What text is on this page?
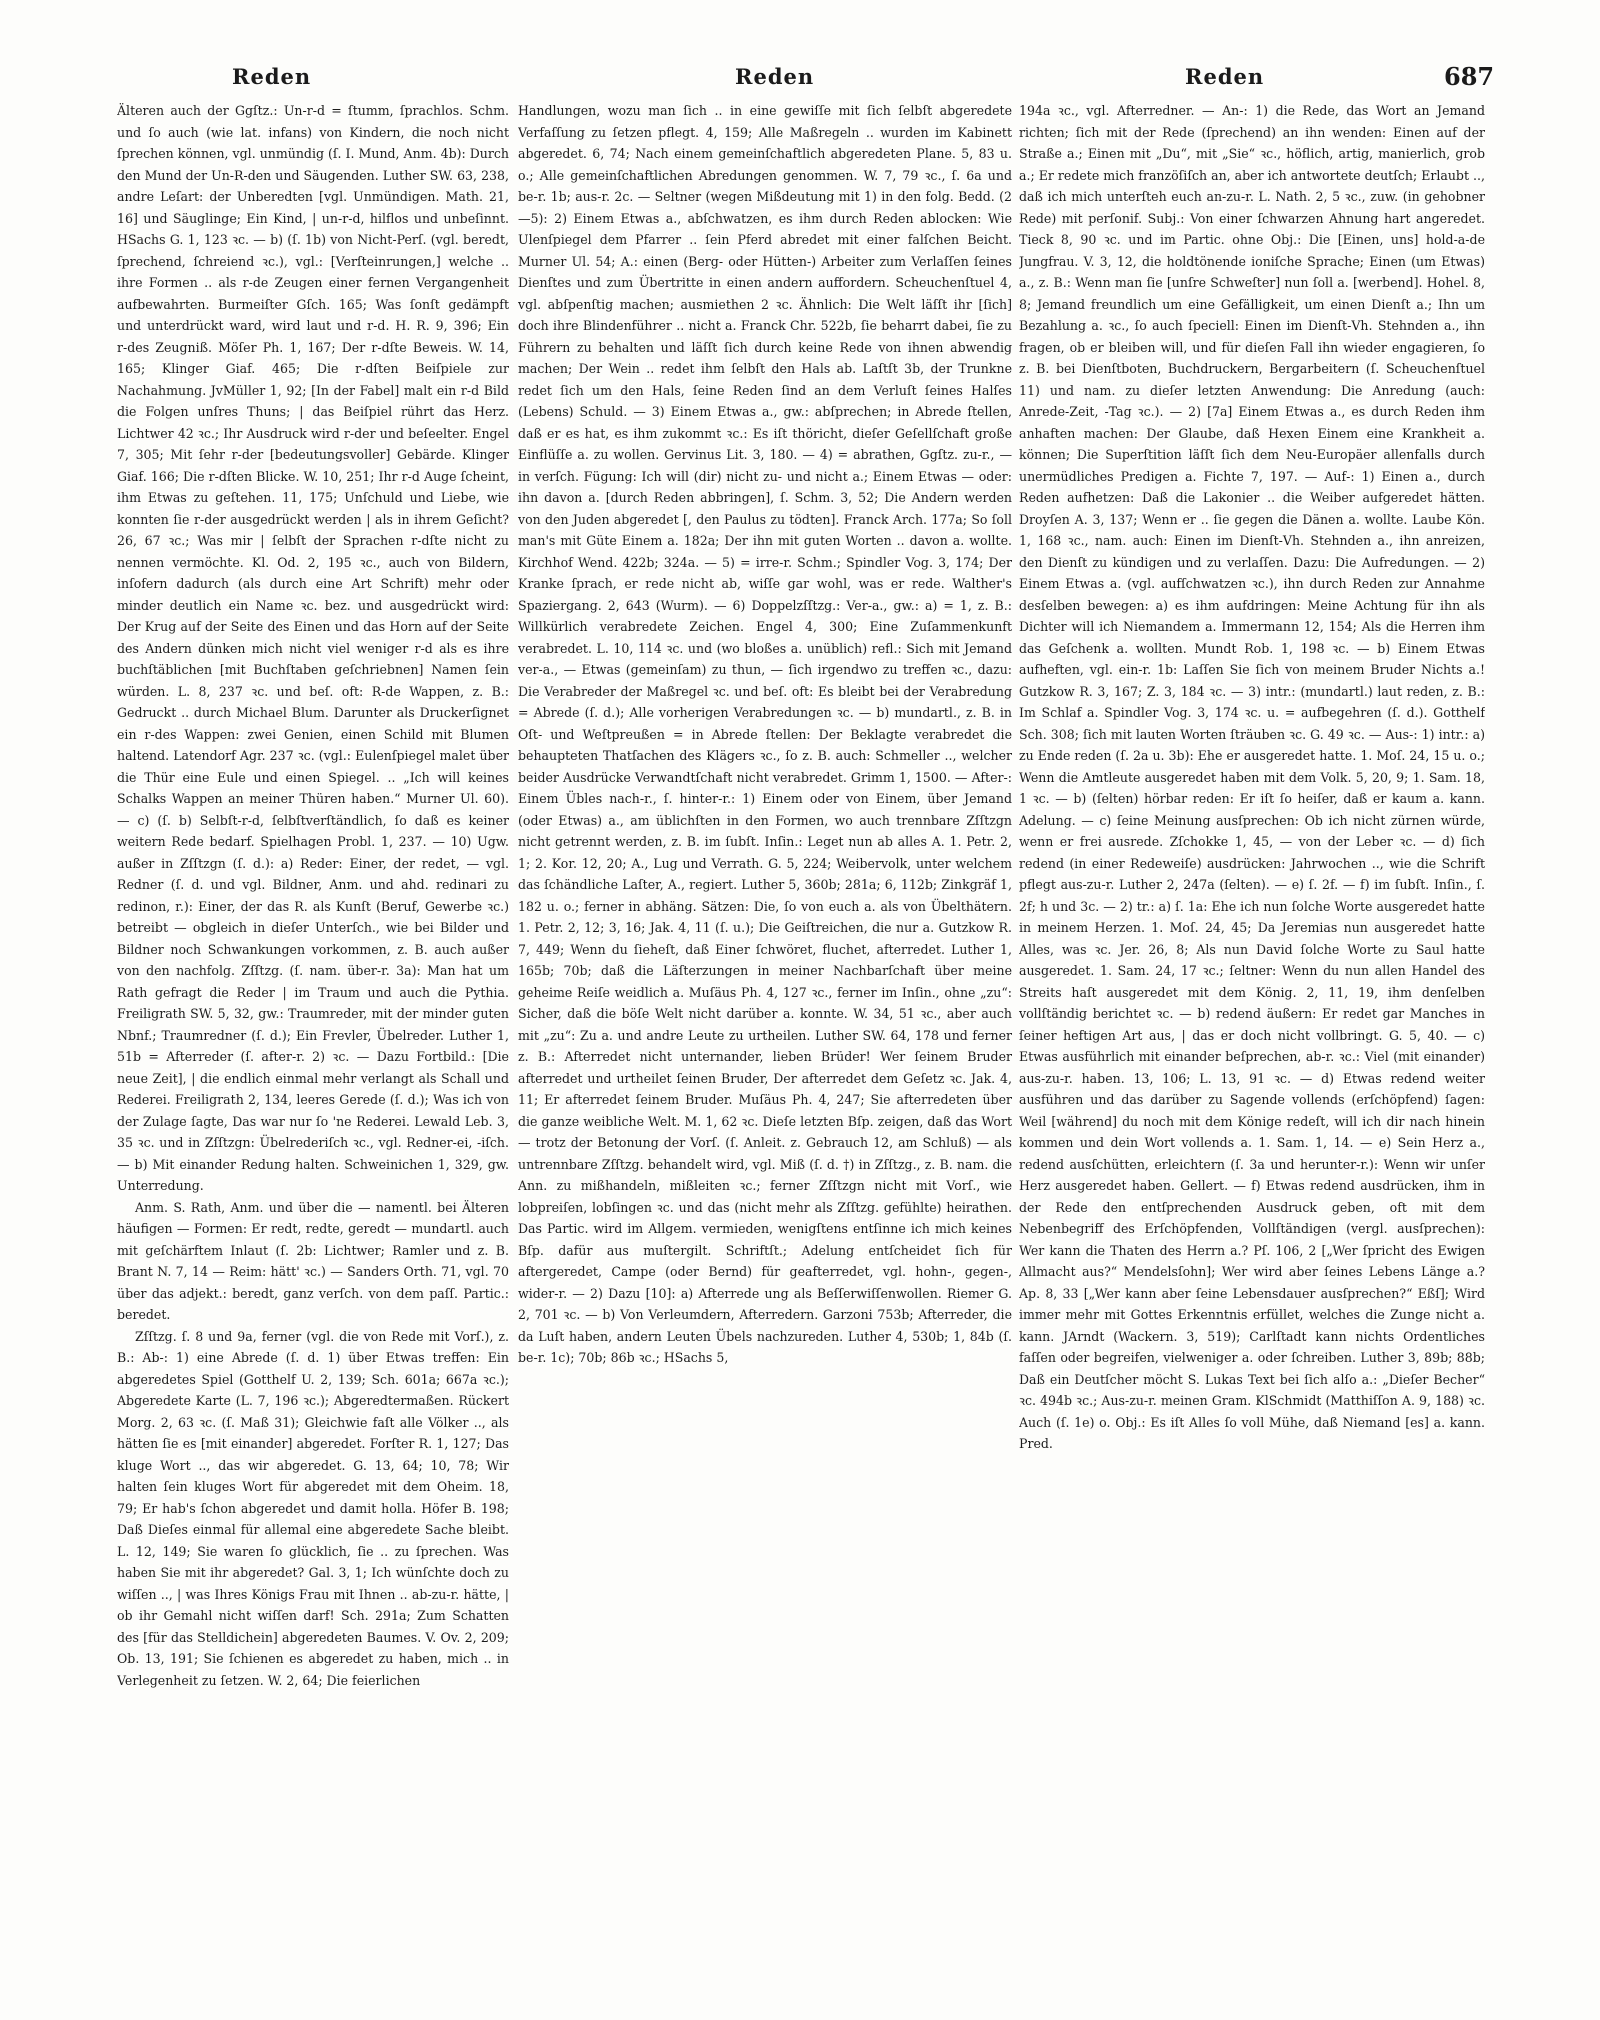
Reden	Reden	Reden	687

Älteren auch der Ggſtz.: Un‑r‑d = ſtumm, ſprachlos. Schm. und ſo auch (wie lat. infans) von Kindern, die noch nicht ſprechen können, vgl. unmündig (ſ. I. Mund, Anm. 4b): Durch den Mund der Un‑R‑den und Säugenden. Luther SW. 63, 238, andre Leſart: der Unberedten [vgl. Unmündigen. Math. 21, 16] und Säuglinge; Ein Kind, | un‑r‑d, hilflos und unbeſinnt. HSachs G. 1, 123 ꝛc. — b) (ſ. 1b) von Nicht‑Perſ. (vgl. beredt, ſprechend, ſchreiend ꝛc.), vgl.: [Verſteinrungen,] welche .. ihre Formen .. als r‑de Zeugen einer fernen Vergangenheit aufbewahrten. Burmeiſter Gſch. 165; Was ſonſt gedämpft und unterdrückt ward, wird laut und r‑d. H. R. 9, 396; Ein r‑des Zeugniß. Möſer Ph. 1, 167; Der r‑dſte Beweis. W. 14, 165; Klinger Giaf. 465; Die r‑dſten Beiſpiele zur Nachahmung. JvMüller 1, 92; [In der Fabel] malt ein r‑d Bild die Folgen unſres Thuns; | das Beiſpiel rührt das Herz. Lichtwer 42 ꝛc.; Ihr Ausdruck wird r‑der und beſeelter. Engel 7, 305; Mit ſehr r‑der [bedeutungsvoller] Gebärde. Klinger Giaf. 166; Die r‑dſten Blicke. W. 10, 251; Ihr r‑d Auge ſcheint, ihm Etwas zu geſtehen. 11, 175; Unſchuld und Liebe, wie konnten ſie r‑der ausgedrückt werden | als in ihrem Geſicht? 26, 67 ꝛc.; Was mir | ſelbſt der Sprachen r‑dſte nicht zu nennen vermöchte. Kl. Od. 2, 195 ꝛc., auch von Bildern, inſofern dadurch (als durch eine Art Schrift) mehr oder minder deutlich ein Name ꝛc. bez. und ausgedrückt wird: Der Krug auf der Seite des Einen und das Horn auf der Seite des Andern dünken mich nicht viel weniger r‑d als es ihre buchſtäblichen [mit Buchſtaben geſchriebnen] Namen ſein würden. L. 8, 237 ꝛc. und beſ. oft: R‑de Wappen, z. B.: Gedruckt .. durch Michael Blum. Darunter als Druckerſignet ein r‑des Wappen: zwei Genien, einen Schild mit Blumen haltend. Latendorf Agr. 237 ꝛc. (vgl.: Eulenſpiegel malet über die Thür eine Eule und einen Spiegel. .. „Ich will keines Schalks Wappen an meiner Thüren haben.“ Murner Ul. 60). — c) (ſ. b) Selbſt‑r‑d, ſelbſtverſtändlich, ſo daß es keiner weitern Rede bedarf. Spielhagen Probl. 1, 237. — 10) Ugw. außer in Zſſtzgn (ſ. d.): a) Reder: Einer, der redet, — vgl. Redner (ſ. d. und vgl. Bildner, Anm. und ahd. redinari zu redinon, r.): Einer, der das R. als Kunſt (Beruf, Gewerbe ꝛc.) betreibt — obgleich in dieſer Unterſch., wie bei Bilder und Bildner noch Schwankungen vorkommen, z. B. auch außer von den nachfolg. Zſſtzg. (ſ. nam. über‑r. 3a): Man hat um Rath gefragt die Reder | im Traum und auch die Pythia. Freiligrath SW. 5, 32, gw.: Traumreder, mit der minder guten Nbnf.; Traumredner (ſ. d.); Ein Frevler, Übelreder. Luther 1, 51b = Afterreder (ſ. after‑r. 2) ꝛc. — Dazu Fortbild.: [Die neue Zeit], | die endlich einmal mehr verlangt als Schall und Rederei. Freiligrath 2, 134, leeres Gerede (ſ. d.); Was ich von der Zulage ſagte, Das war nur ſo 'ne Rederei. Lewald Leb. 3, 35 ꝛc. und in Zſſtzgn: Übelrederiſch ꝛc., vgl. Redner‑ei, ‑iſch. — b) Mit einander Redung halten. Schweinichen 1, 329, gw. Unterredung.

Anm. S. Rath, Anm. und über die — namentl. bei Älteren häufigen — Formen: Er redt, redte, geredt — mundartl. auch mit geſchärftem Inlaut (ſ. 2b: Lichtwer; Ramler und z. B. Brant N. 7, 14 — Reim: hätt' ꝛc.) — Sanders Orth. 71, vgl. 70 über das adjekt.: beredt, ganz verſch. von dem paſſ. Partic.: beredet.

Zſſtzg. ſ. 8 und 9a, ferner (vgl. die von Rede mit Vorſ.), z. B.: Ab‑: 1) eine Abrede (ſ. d. 1) über Etwas treffen: Ein abgeredetes Spiel (Gotthelf U. 2, 139; Sch. 601a; 667a ꝛc.); Abgeredete Karte (L. 7, 196 ꝛc.); Abgeredtermaßen. Rückert Morg. 2, 63 ꝛc. (ſ. Maß 31); Gleichwie faſt alle Völker .., als hätten ſie es [mit einander] abgeredet. Forſter R. 1, 127; Das kluge Wort .., das wir abgeredet. G. 13, 64; 10, 78; Wir halten ſein kluges Wort für abgeredet mit dem Oheim. 18, 79; Er hab's ſchon abgeredet und damit holla. Höfer B. 198; Daß Dieſes einmal für allemal eine abgeredete Sache bleibt. L. 12, 149; Sie waren ſo glücklich, ſie .. zu ſprechen. Was haben Sie mit ihr abgeredet? Gal. 3, 1; Ich wünſchte doch zu wiſſen .., | was Ihres Königs Frau mit Ihnen .. ab‑zu‑r. hätte, | ob ihr Gemahl nicht wiſſen darf! Sch. 291a; Zum Schatten des [für das Stelldichein] abgeredeten Baumes. V. Ov. 2, 209; Ob. 13, 191; Sie ſchienen es abgeredet zu haben, mich .. in Verlegenheit zu ſetzen. W. 2, 64; Die feierlichen

Handlungen, wozu man ſich .. in eine gewiſſe mit ſich ſelbſt abgeredete Verfaſſung zu ſetzen pflegt. 4, 159; Alle Maßregeln .. wurden im Kabinett abgeredet. 6, 74; Nach einem gemeinſchaftlich abgeredeten Plane. 5, 83 u. o.; Alle gemeinſchaftlichen Abredungen genommen. W. 7, 79 ꝛc., ſ. 6a und be‑r. 1b; aus‑r. 2c. — Seltner (wegen Mißdeutung mit 1) in den folg. Bedd. (2—5): 2) Einem Etwas a., abſchwatzen, es ihm durch Reden ablocken: Wie Ulenſpiegel dem Pfarrer .. ſein Pferd abredet mit einer falſchen Beicht. Murner Ul. 54; A.: einen (Berg‑ oder Hütten‑) Arbeiter zum Verlaſſen ſeines Dienſtes und zum Übertritte in einen andern auffordern. Scheuchenſtuel 4, vgl. abſpenſtig machen; ausmiethen 2 ꝛc. Ähnlich: Die Welt läſſt ihr [ſich] doch ihre Blindenführer .. nicht a. Franck Chr. 522b, ſie beharrt dabei, ſie zu Führern zu behalten und läſſt ſich durch keine Rede von ihnen abwendig machen; Der Wein .. redet ihm ſelbſt den Hals ab. Laſtſt 3b, der Trunkne redet ſich um den Hals, ſeine Reden ſind an dem Verluſt ſeines Halſes (Lebens) Schuld. — 3) Einem Etwas a., gw.: abſprechen; in Abrede ſtellen, daß er es hat, es ihm zukommt ꝛc.: Es iſt thöricht, dieſer Geſellſchaft große Einflüſſe a. zu wollen. Gervinus Lit. 3, 180. — 4) = abrathen, Ggſtz. zu‑r., — in verſch. Fügung: Ich will (dir) nicht zu‑ und nicht a.; Einem Etwas — oder: ihn davon a. [durch Reden abbringen], ſ. Schm. 3, 52; Die Andern werden von den Juden abgeredet [, den Paulus zu tödten]. Franck Arch. 177a; So ſoll man's mit Güte Einem a. 182a; Der ihn mit guten Worten .. davon a. wollte. Kirchhof Wend. 422b; 324a. — 5) = irre‑r. Schm.; Spindler Vog. 3, 174; Der Kranke ſprach, er rede nicht ab, wiſſe gar wohl, was er rede. Walther's Spaziergang. 2, 643 (Wurm). — 6) Doppelzſſtzg.: Ver‑a., gw.: a) = 1, z. B.: Willkürlich verabredete Zeichen. Engel 4, 300; Eine Zuſammenkunft verabredet. L. 10, 114 ꝛc. und (wo bloßes a. unüblich) refl.: Sich mit Jemand ver‑a., — Etwas (gemeinſam) zu thun, — ſich irgendwo zu treffen ꝛc., dazu: Die Verabreder der Maßregel ꝛc. und beſ. oft: Es bleibt bei der Verabredung = Abrede (ſ. d.); Alle vorherigen Verabredungen ꝛc. — b) mundartl., z. B. in Oſt‑ und Weſtpreußen = in Abrede ſtellen: Der Beklagte verabredet die behaupteten Thatſachen des Klägers ꝛc., ſo z. B. auch: Schmeller .., welcher beider Ausdrücke Verwandtſchaft nicht verabredet. Grimm 1, 1500. — After‑: Einem Übles nach‑r., ſ. hinter‑r.: 1) Einem oder von Einem, über Jemand (oder Etwas) a., am üblichſten in den Formen, wo auch trennbare Zſſtzgn nicht getrennt werden, z. B. im ſubſt. Inſin.: Leget nun ab alles A. 1. Petr. 2, 1; 2. Kor. 12, 20; A., Lug und Verrath. G. 5, 224; Weibervolk, unter welchem das ſchändliche Laſter, A., regiert. Luther 5, 360b; 281a; 6, 112b; Zinkgräf 1, 182 u. o.; ferner in abhäng. Sätzen: Die, ſo von euch a. als von Übelthätern. 1. Petr. 2, 12; 3, 16; Jak. 4, 11 (ſ. u.); Die Geiſtreichen, die nur a. Gutzkow R. 7, 449; Wenn du ſieheſt, daß Einer ſchwöret, fluchet, afterredet. Luther 1, 165b; 70b; daß die Läſterzungen in meiner Nachbarſchaft über meine geheime Reiſe weidlich a. Muſäus Ph. 4, 127 ꝛc., ferner im Inſin., ohne „zu“: Sicher, daß die böſe Welt nicht darüber a. konnte. W. 34, 51 ꝛc., aber auch mit „zu“: Zu a. und andre Leute zu urtheilen. Luther SW. 64, 178 und ferner z. B.: Afterredet nicht unternander, lieben Brüder! Wer ſeinem Bruder afterredet und urtheilet ſeinen Bruder, Der afterredet dem Geſetz ꝛc. Jak. 4, 11; Er afterredet ſeinem Bruder. Muſäus Ph. 4, 247; Sie afterredeten über die ganze weibliche Welt. M. 1, 62 ꝛc. Dieſe letzten Bſp. zeigen, daß das Wort — trotz der Betonung der Vorſ. (ſ. Anleit. z. Gebrauch 12, am Schluß) — als untrennbare Zſſtzg. behandelt wird, vgl. Miß (ſ. d. †) in Zſſtzg., z. B. nam. die Ann. zu mißhandeln, mißleiten ꝛc.; ferner Zſſtzgn nicht mit Vorſ., wie lobpreiſen, lobſingen ꝛc. und das (nicht mehr als Zſſtzg. gefühlte) heirathen. Das Partic. wird im Allgem. vermieden, wenigſtens entſinne ich mich keines Bſp. dafür aus muſtergilt. Schriftſt.; Adelung entſcheidet ſich für aftergeredet, Campe (oder Bernd) für geafterredet, vgl. hohn‑, gegen‑, wider‑r. — 2) Dazu [10]: a) Afterrede ung als Beſſerwiſſenwollen. Riemer G. 2, 701 ꝛc. — b) Von Verleumdern, Afterredern. Garzoni 753b; Afterreder, die da Luſt haben, andern Leuten Übels nachzureden. Luther 4, 530b; 1, 84b (ſ. be‑r. 1c); 70b; 86b ꝛc.; HSachs 5,

194a ꝛc., vgl. Afterredner. — An‑: 1) die Rede, das Wort an Jemand richten; ſich mit der Rede (ſprechend) an ihn wenden: Einen auf der Straße a.; Einen mit „Du“, mit „Sie“ ꝛc., höflich, artig, manierlich, grob a.; Er redete mich franzöſiſch an, aber ich antwortete deutſch; Erlaubt .., daß ich mich unterſteh euch an‑zu‑r. L. Nath. 2, 5 ꝛc., zuw. (in gehobner Rede) mit perſonif. Subj.: Von einer ſchwarzen Ahnung hart angeredet. Tieck 8, 90 ꝛc. und im Partic. ohne Obj.: Die [Einen, uns] hold‑a‑de Jungfrau. V. 3, 12, die holdtönende ioniſche Sprache; Einen (um Etwas) a., z. B.: Wenn man ſie [unſre Schweſter] nun ſoll a. [werbend]. Hohel. 8, 8; Jemand freundlich um eine Gefälligkeit, um einen Dienſt a.; Ihn um Bezahlung a. ꝛc., ſo auch ſpeciell: Einen im Dienſt‑Vh. Stehnden a., ihn fragen, ob er bleiben will, und für dieſen Fall ihn wieder engagieren, ſo z. B. bei Dienſtboten, Buchdruckern, Bergarbeitern (ſ. Scheuchenſtuel 11) und nam. zu dieſer letzten Anwendung: Die Anredung (auch: Anrede‑Zeit, ‑Tag ꝛc.). — 2) [7a] Einem Etwas a., es durch Reden ihm anhaften machen: Der Glaube, daß Hexen Einem eine Krankheit a. können; Die Superſtition läſſt ſich dem Neu‑Europäer allenfalls durch unermüdliches Predigen a. Fichte 7, 197. — Auf‑: 1) Einen a., durch Reden aufhetzen: Daß die Lakonier .. die Weiber aufgeredet hätten. Droyſen A. 3, 137; Wenn er .. ſie gegen die Dänen a. wollte. Laube Kön. 1, 168 ꝛc., nam. auch: Einen im Dienſt‑Vh. Stehnden a., ihn anreizen, den Dienſt zu kündigen und zu verlaſſen. Dazu: Die Aufredungen. — 2) Einem Etwas a. (vgl. aufſchwatzen ꝛc.), ihn durch Reden zur Annahme desſelben bewegen: a) es ihm aufdringen: Meine Achtung für ihn als Dichter will ich Niemandem a. Immermann 12, 154; Als die Herren ihm das Geſchenk a. wollten. Mundt Rob. 1, 198 ꝛc. — b) Einem Etwas aufheften, vgl. ein‑r. 1b: Laſſen Sie ſich von meinem Bruder Nichts a.! Gutzkow R. 3, 167; Z. 3, 184 ꝛc. — 3) intr.: (mundartl.) laut reden, z. B.: Im Schlaf a. Spindler Vog. 3, 174 ꝛc. u. = aufbegehren (ſ. d.). Gotthelf Sch. 308; ſich mit lauten Worten ſträuben ꝛc. G. 49 ꝛc. — Aus‑: 1) intr.: a) zu Ende reden (ſ. 2a u. 3b): Ehe er ausgeredet hatte. 1. Moſ. 24, 15 u. o.; Wenn die Amtleute ausgeredet haben mit dem Volk. 5, 20, 9; 1. Sam. 18, 1 ꝛc. — b) (ſelten) hörbar reden: Er iſt ſo heiſer, daß er kaum a. kann. Adelung. — c) ſeine Meinung ausſprechen: Ob ich nicht zürnen würde, wenn er frei ausrede. Zſchokke 1, 45, — von der Leber ꝛc. — d) ſich redend (in einer Redeweiſe) ausdrücken: Jahrwochen .., wie die Schrift pflegt aus‑zu‑r. Luther 2, 247a (ſelten). — e) ſ. 2f. — f) im ſubſt. Inſin., ſ. 2f; h und 3c. — 2) tr.: a) ſ. 1a: Ehe ich nun ſolche Worte ausgeredet hatte in meinem Herzen. 1. Moſ. 24, 45; Da Jeremias nun ausgeredet hatte Alles, was ꝛc. Jer. 26, 8; Als nun David ſolche Worte zu Saul hatte ausgeredet. 1. Sam. 24, 17 ꝛc.; ſeltner: Wenn du nun allen Handel des Streits haſt ausgeredet mit dem König. 2, 11, 19, ihm denſelben vollſtändig berichtet ꝛc. — b) redend äußern: Er redet gar Manches in ſeiner heftigen Art aus, | das er doch nicht vollbringt. G. 5, 40. — c) Etwas ausführlich mit einander beſprechen, ab‑r. ꝛc.: Viel (mit einander) aus‑zu‑r. haben. 13, 106; L. 13, 91 ꝛc. — d) Etwas redend weiter ausführen und das darüber zu Sagende vollends (erſchöpfend) ſagen: Weil [während] du noch mit dem Könige redeſt, will ich dir nach hinein kommen und dein Wort vollends a. 1. Sam. 1, 14. — e) Sein Herz a., redend ausſchütten, erleichtern (ſ. 3a und herunter‑r.): Wenn wir unſer Herz ausgeredet haben. Gellert. — f) Etwas redend ausdrücken, ihm in der Rede den entſprechenden Ausdruck geben, oft mit dem Nebenbegriff des Erſchöpfenden, Vollſtändigen (vergl. ausſprechen): Wer kann die Thaten des Herrn a.? Pſ. 106, 2 [„Wer ſpricht des Ewigen Allmacht aus?“ Mendelsſohn]; Wer wird aber ſeines Lebens Länge a.? Ap. 8, 33 [„Wer kann aber ſeine Lebensdauer ausſprechen?“ Eßſ]; Wird immer mehr mit Gottes Erkenntnis erfüllet, welches die Zunge nicht a. kann. JArndt (Wackern. 3, 519); Carlſtadt kann nichts Ordentliches faſſen oder begreifen, vielweniger a. oder ſchreiben. Luther 3, 89b; 88b; Daß ein Deutſcher möcht S. Lukas Text bei ſich alſo a.: „Dieſer Becher“ ꝛc. 494b ꝛc.; Aus‑zu‑r. meinen Gram. KlSchmidt (Matthiſſon A. 9, 188) ꝛc. Auch (ſ. 1e) o. Obj.: Es iſt Alles ſo voll Mühe, daß Niemand [es] a. kann. Pred.
